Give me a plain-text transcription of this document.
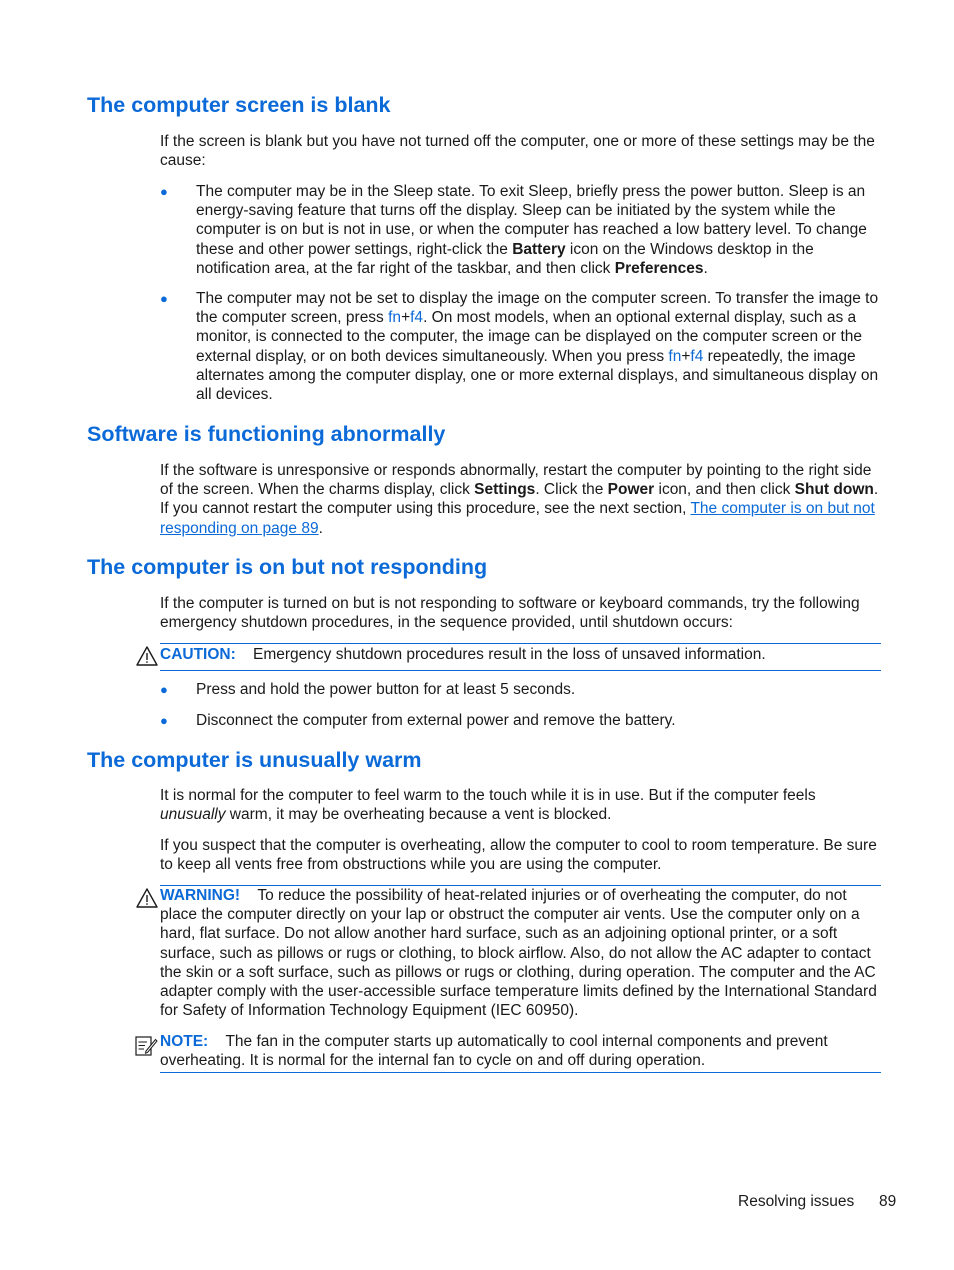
The computer screen is blank

If the screen is blank but you have not turned off the computer, one or more of these settings may be the cause:

● The computer may be in the Sleep state. To exit Sleep, briefly press the power button. Sleep is an energy-saving feature that turns off the display. Sleep can be initiated by the system while the computer is on but is not in use, or when the computer has reached a low battery level. To change these and other power settings, right-click the Battery icon on the Windows desktop in the notification area, at the far right of the taskbar, and then click Preferences.
● The computer may not be set to display the image on the computer screen. To transfer the image to the computer screen, press fn+f4. On most models, when an optional external display, such as a monitor, is connected to the computer, the image can be displayed on the computer screen or the external display, or on both devices simultaneously. When you press fn+f4 repeatedly, the image alternates among the computer display, one or more external displays, and simultaneous display on all devices.
Software is functioning abnormally

If the software is unresponsive or responds abnormally, restart the computer by pointing to the right side of the screen. When the charms display, click Settings. Click the Power icon, and then click Shut down. If you cannot restart the computer using this procedure, see the next section, The computer is on but not responding on page 89.

The computer is on but not responding

If the computer is turned on but is not responding to software or keyboard commands, try the following emergency shutdown procedures, in the sequence provided, until shutdown occurs:

CAUTION: Emergency shutdown procedures result in the loss of unsaved information.
● Press and hold the power button for at least 5 seconds.
● Disconnect the computer from external power and remove the battery.
The computer is unusually warm

It is normal for the computer to feel warm to the touch while it is in use. But if the computer feels unusually warm, it may be overheating because a vent is blocked.

If you suspect that the computer is overheating, allow the computer to cool to room temperature. Be sure to keep all vents free from obstructions while you are using the computer.

WARNING! To reduce the possibility of heat-related injuries or of overheating the computer, do not place the computer directly on your lap or obstruct the computer air vents. Use the computer only on a hard, flat surface. Do not allow another hard surface, such as an adjoining optional printer, or a soft surface, such as pillows or rugs or clothing, to block airflow. Also, do not allow the AC adapter to contact the skin or a soft surface, such as pillows or rugs or clothing, during operation. The computer and the AC adapter comply with the user-accessible surface temperature limits defined by the International Standard for Safety of Information Technology Equipment (IEC 60950).
NOTE: The fan in the computer starts up automatically to cool internal components and prevent overheating. It is normal for the internal fan to cycle on and off during operation.
Resolving issues 89
